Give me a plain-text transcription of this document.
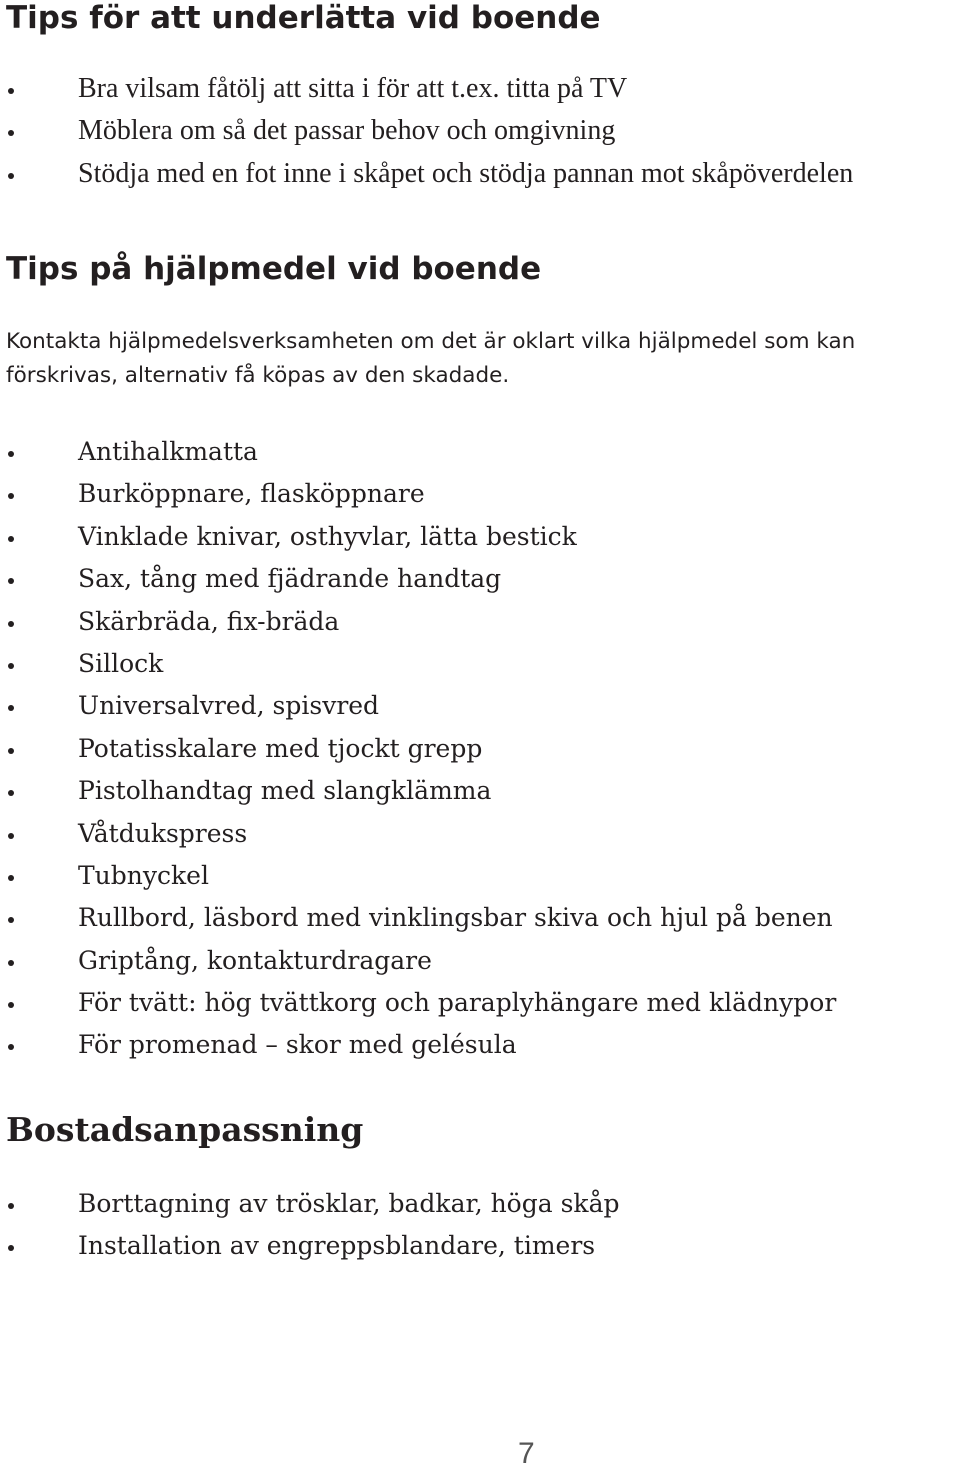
Tips för att underlätta vid boende
Bra vilsam fåtölj att sitta i för att t.ex. titta på TV
Möblera om så det passar behov och omgivning
Stödja med en fot inne i skåpet och stödja pannan mot skåpöverdelen
Tips på hjälpmedel vid boende

Kontakta hjälpmedelsverksamheten om det är oklart vilka hjälpmedel som kan förskrivas, alternativ få köpas av den skadade.

Antihalkmatta
Burköppnare, flasköppnare
Vinklade knivar, osthyvlar, lätta bestick
Sax, tång med fjädrande handtag
Skärbräda, fix-bräda
Sillock
Universalvred, spisvred
Potatisskalare med tjockt grepp
Pistolhandtag med slangklämma
Våtdukspress
Tubnyckel
Rullbord, läsbord med vinklingsbar skiva och hjul på benen
Griptång, kontakturdragare
För tvätt: hög tvättkorg och paraplyhängare med klädnypor
För promenad – skor med gelésula
Bostadsanpassning
Borttagning av trösklar, badkar, höga skåp
Installation av engreppsblandare, timers

7
